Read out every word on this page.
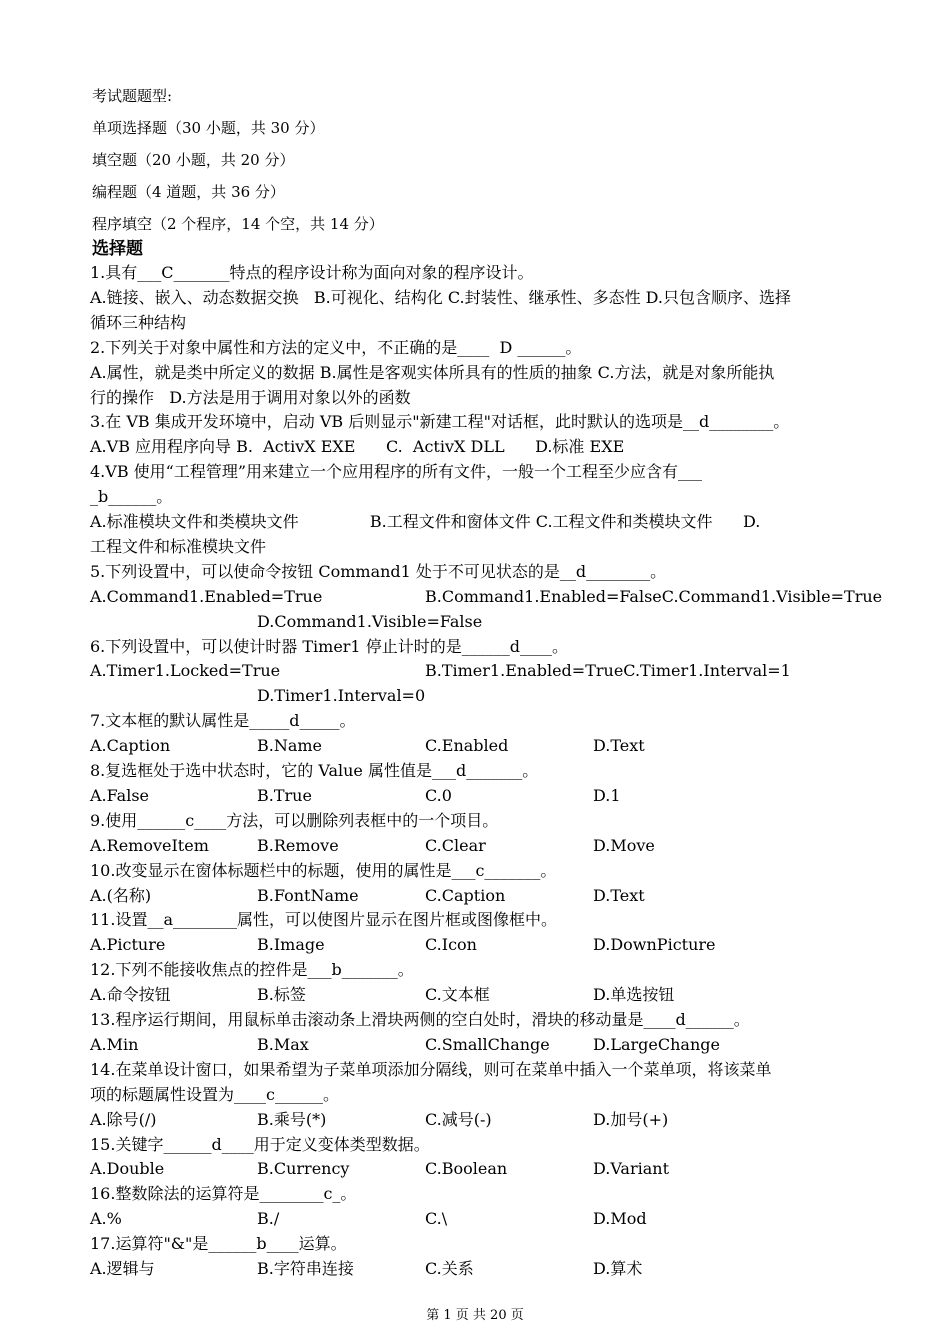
考试题题型:
单项选择题（30 小题，共 30 分）
填空题（20 小题，共 20 分）
编程题（4 道题，共 36 分）
程序填空（2 个程序，14 个空，共 14 分）
选择题
1.具有___C_______特点的程序设计称为面向对象的程序设计。
A.链接、嵌入、动态数据交换   B.可视化、结构化 C.封装性、继承性、多态性 D.只包含顺序、选择
循环三种结构
2.下列关于对象中属性和方法的定义中，不正确的是____  D ______。
A.属性，就是类中所定义的数据 B.属性是客观实体所具有的性质的抽象 C.方法，就是对象所能执
行的操作   D.方法是用于调用对象以外的函数
3.在 VB 集成开发环境中，启动 VB 后则显示"新建工程"对话框，此时默认的选项是__d________。
A.VB 应用程序向导 B.  ActivX EXE      C.  ActivX DLL      D.标准 EXE
4.VB 使用“工程管理”用来建立一个应用程序的所有文件，一般一个工程至少应含有___
_b______。
A.标准模块文件和类模块文件              B.工程文件和窗体文件 C.工程文件和类模块文件      D.
工程文件和标准模块文件
5.下列设置中，可以使命令按钮 Command1 处于不可见状态的是__d________。
A.Command1.Enabled=True	B.Command1.Enabled=FalseC.Command1.Visible=True
D.Command1.Visible=False
6.下列设置中，可以使计时器 Timer1 停止计时的是______d____。
A.Timer1.Locked=True	B.Timer1.Enabled=TrueC.Timer1.Interval=1
D.Timer1.Interval=0
7.文本框的默认属性是_____d_____。
A.Caption	B.Name	C.Enabled	D.Text
8.复选框处于选中状态时，它的 Value 属性值是___d_______。
A.False	B.True	C.0	D.1
9.使用______c____方法，可以删除列表框中的一个项目。
A.RemoveItem	B.Remove	C.Clear	D.Move
10.改变显示在窗体标题栏中的标题，使用的属性是___c_______。
A.(名称)	B.FontName	C.Caption	D.Text
11.设置__a________属性，可以使图片显示在图片框或图像框中。
A.Picture	B.Image	C.Icon	D.DownPicture
12.下列不能接收焦点的控件是___b_______。
A.命令按钮	B.标签	C.文本框	D.单选按钮
13.程序运行期间，用鼠标单击滚动条上滑块两侧的空白处时，滑块的移动量是____d______。
A.Min	B.Max	C.SmallChange	D.LargeChange
14.在菜单设计窗口，如果希望为子菜单项添加分隔线，则可在菜单中插入一个菜单项，将该菜单
项的标题属性设置为____c______。
A.除号(/)	B.乘号(*)	C.减号(-)	D.加号(+)
15.关键字______d____用于定义变体类型数据。
A.Double	B.Currency	C.Boolean	D.Variant
16.整数除法的运算符是________c_。
A.%	B./	C.\	D.Mod
17.运算符"&"是______b____运算。
A.逻辑与	B.字符串连接	C.关系	D.算术
第 1 页 共 20 页
